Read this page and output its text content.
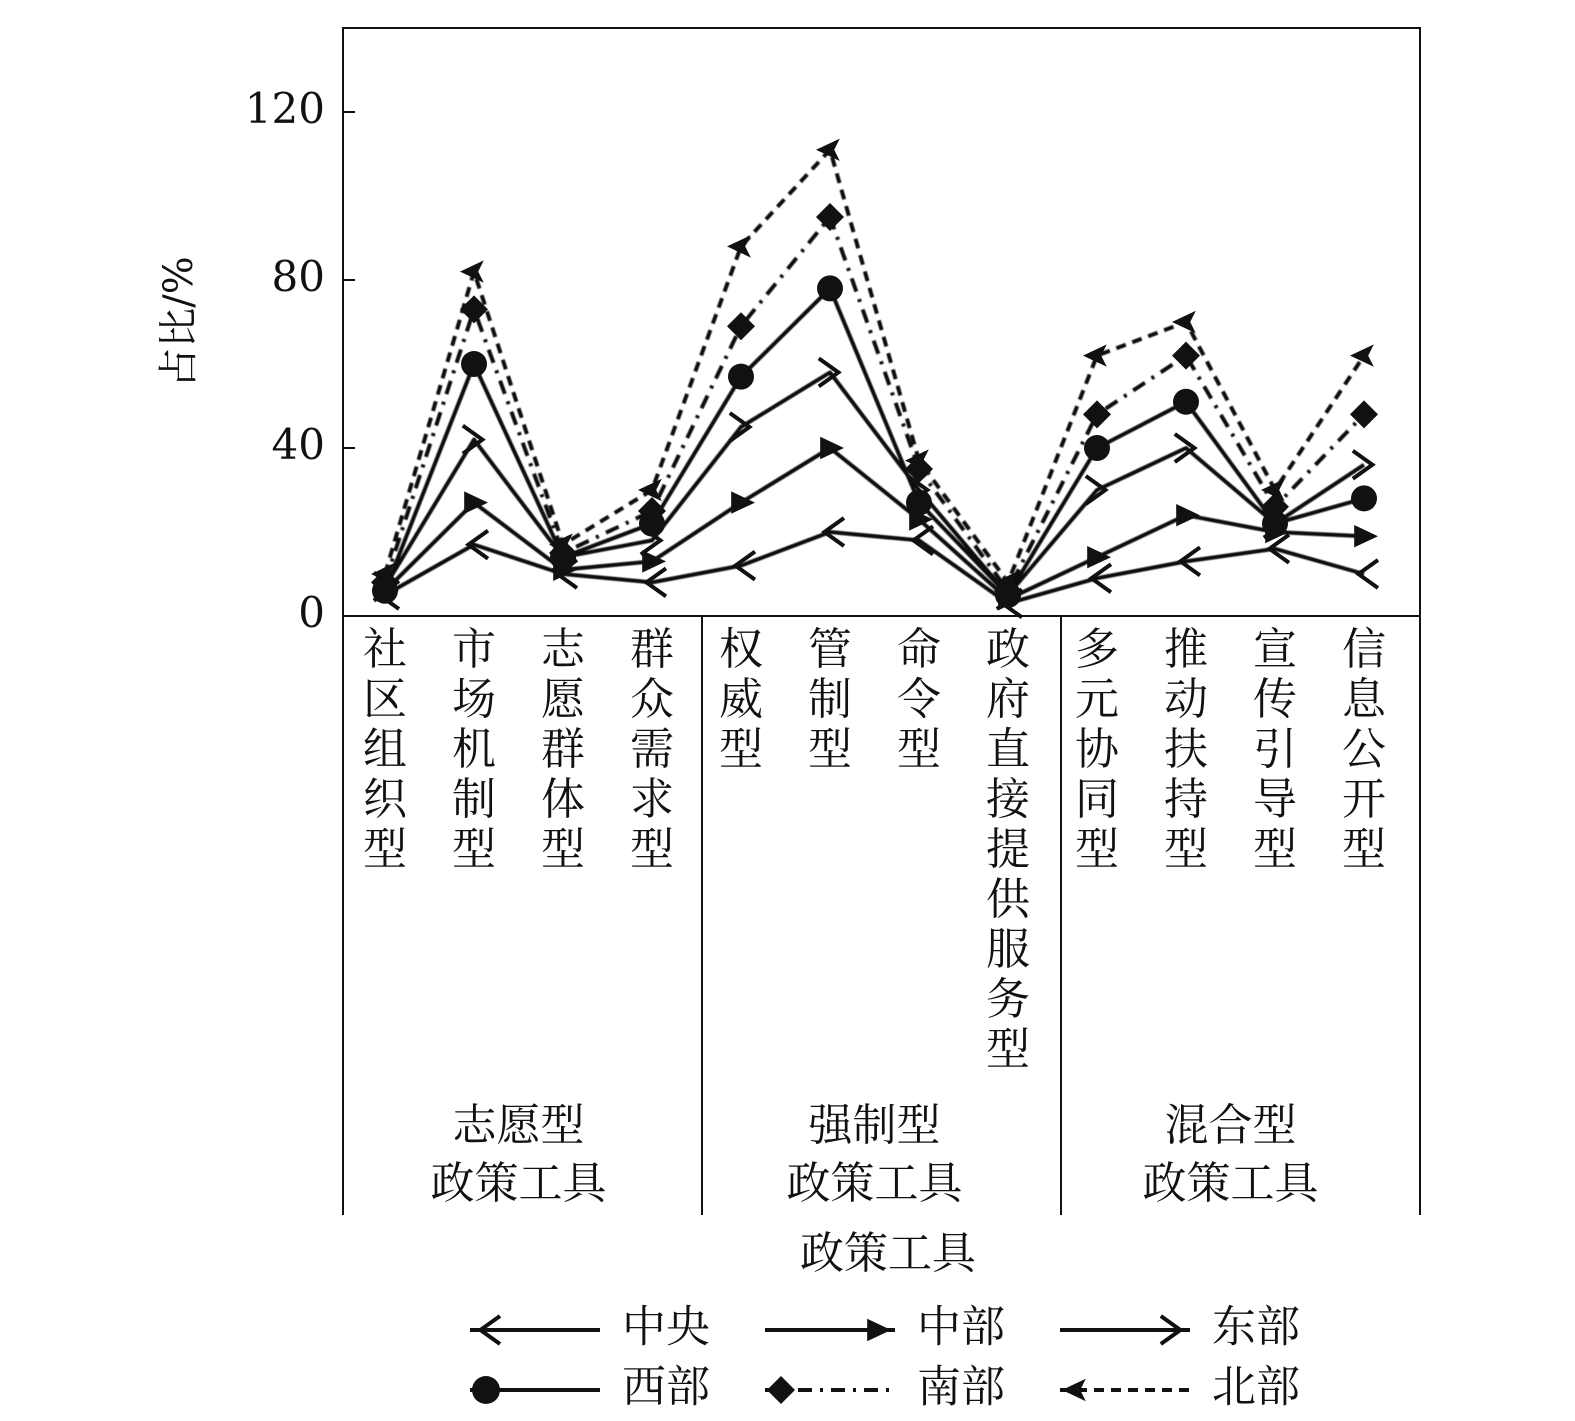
占比/%
0
40
80
120
社区组织型
市场机制型
志愿群体型
群众需求型
权威型
管制型
命令型
政府直接提供服务型
多元协同型
推动扶持型
宣传引导型
信息公开型
志愿型
政策工具
强制型
政策工具
混合型
政策工具
政策工具
中央	中部	东部
西部	南部	北部
